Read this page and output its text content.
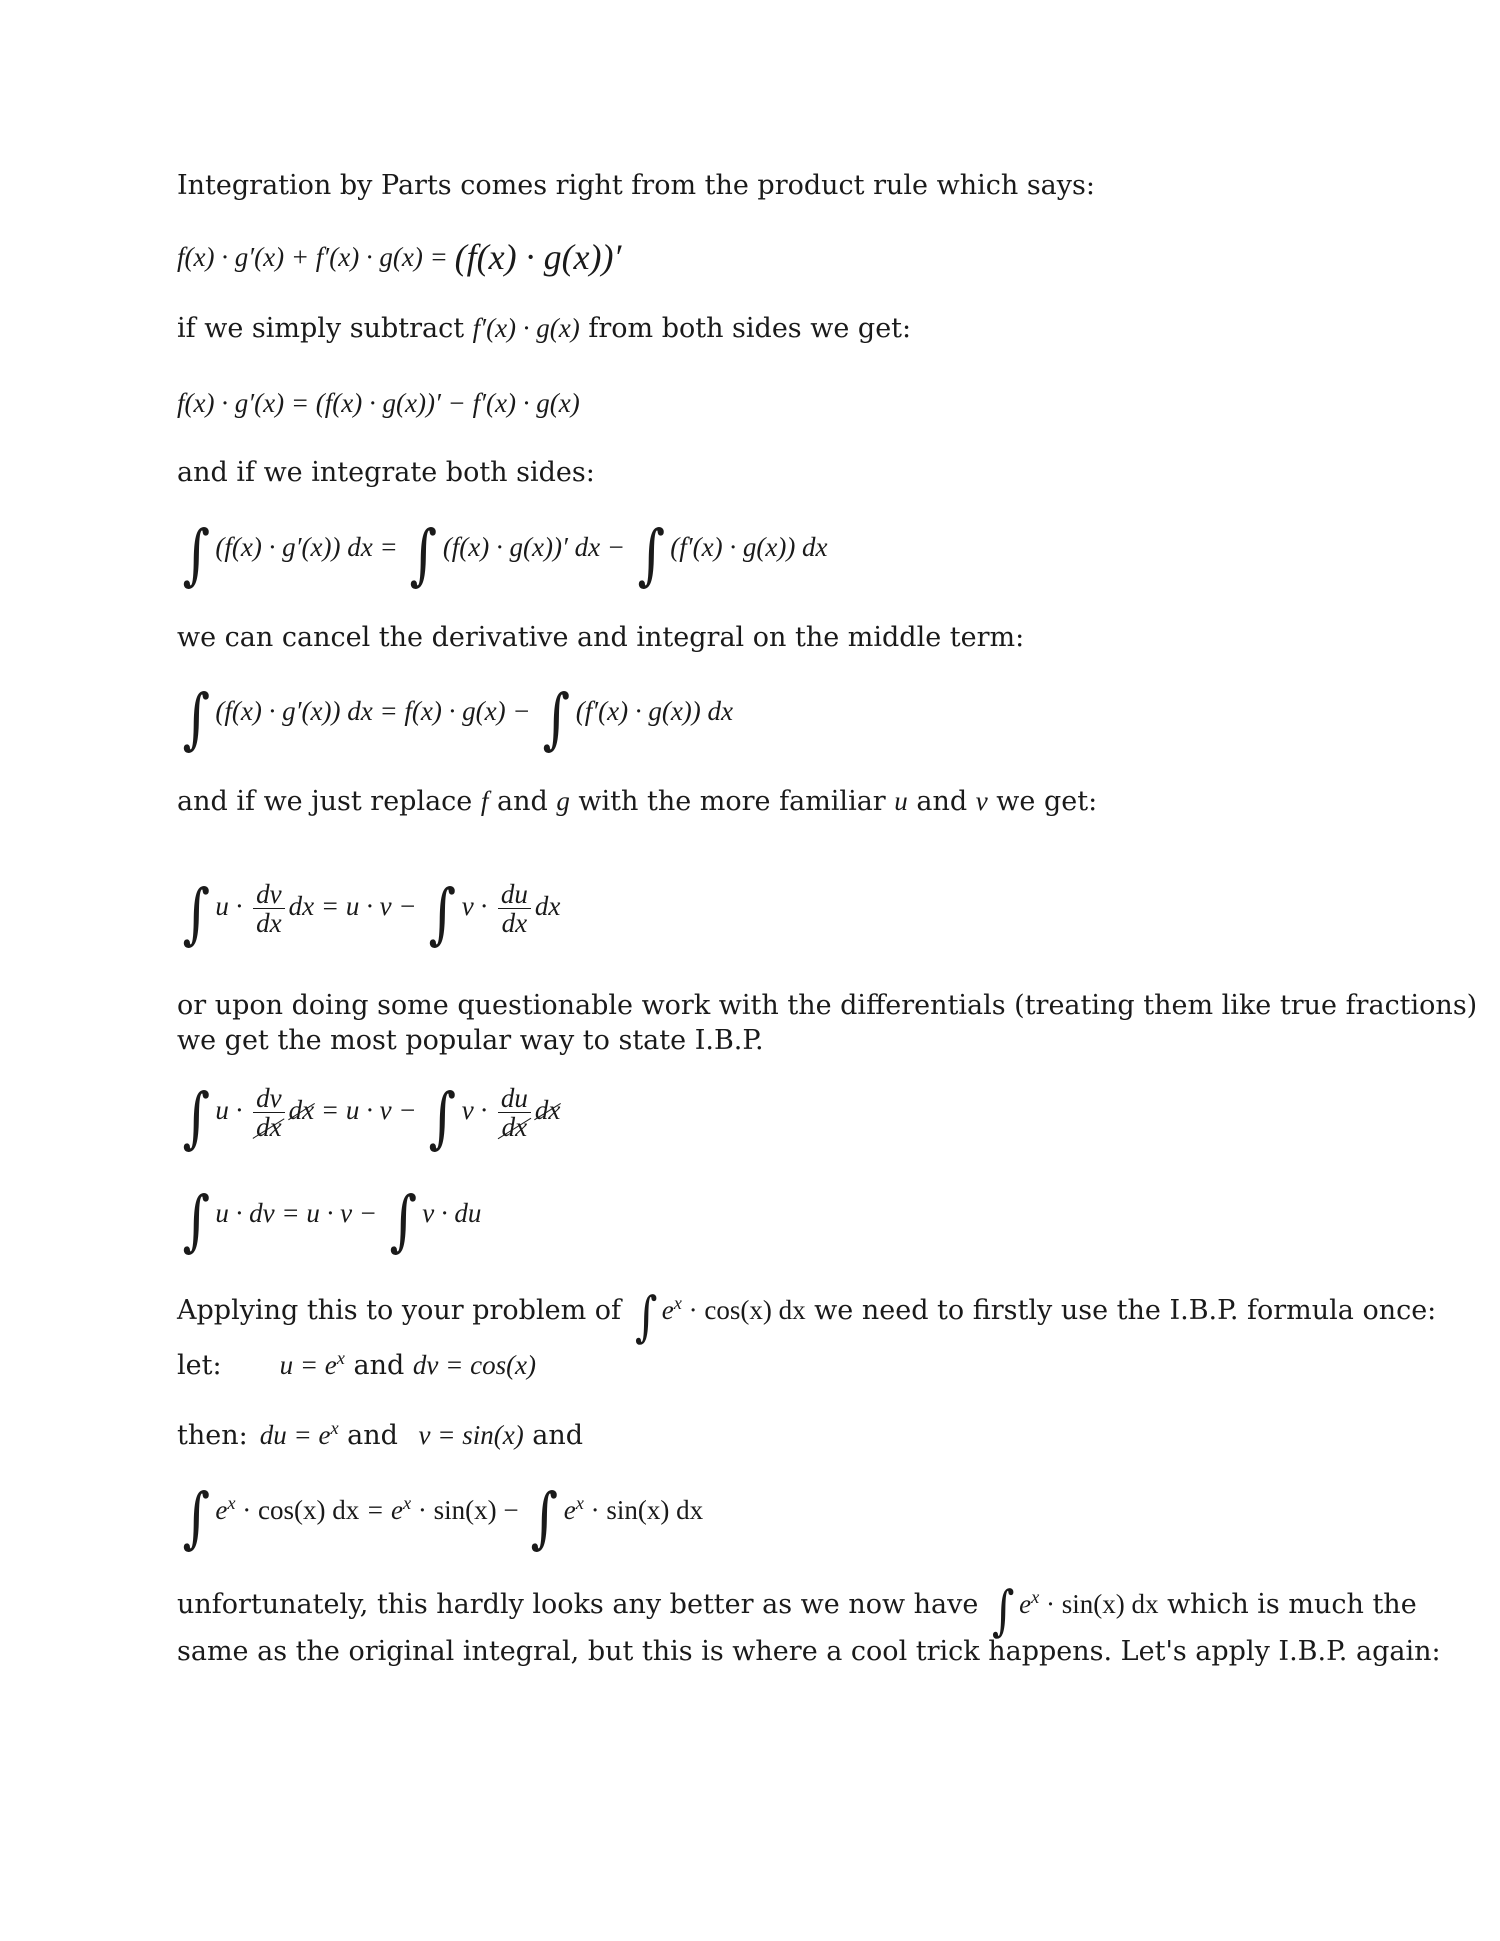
Integration by Parts comes right from the product rule which says:
f(x) · g′(x) + f′(x) · g(x) = (f(x) · g(x))′
if we simply subtract f′(x) · g(x) from both sides we get:
f(x) · g′(x) = (f(x) · g(x))′ − f′(x) · g(x)
and if we integrate both sides:
∫ (f(x) · g′(x)) dx = ∫ (f(x) · g(x))′ dx − ∫ (f′(x) · g(x)) dx
we can cancel the derivative and integral on the middle term:
∫ (f(x) · g′(x)) dx = f(x) · g(x) − ∫ (f′(x) · g(x)) dx
and if we just replace f and g with the more familiar u and v we get:
∫ $u \cdot \frac{dv}{dx}$ dx = u · v − ∫ $v \cdot \frac{du}{dx}$ dx
or upon doing some questionable work with the differentials (treating them like true fractions)
we get the most popular way to state I.B.P.
∫ $u \cdot \frac{dv}{dx}$ dx = u · v − ∫ $v \cdot \frac{du}{dx}$ dx
∫ u · dv = u · v − ∫ v · du
Applying this to your problem of ∫ $e^x \cdot \cos(x)$ dx we need to firstly use the I.B.P. formula once:
let: $u = e^x$ and dv = cos(x)
then: du = $e^x$ and v = sin(x) and
∫ $e^x \cdot \cos(x)$ dx = $e^x \cdot \sin(x)$ − ∫ $e^x \cdot \sin(x)$ dx
unfortunately, this hardly looks any better as we now have ∫ $e^x \cdot \sin(x)$ dx which is much the
same as the original integral, but this is where a cool trick happens. Let's apply I.B.P. again:
